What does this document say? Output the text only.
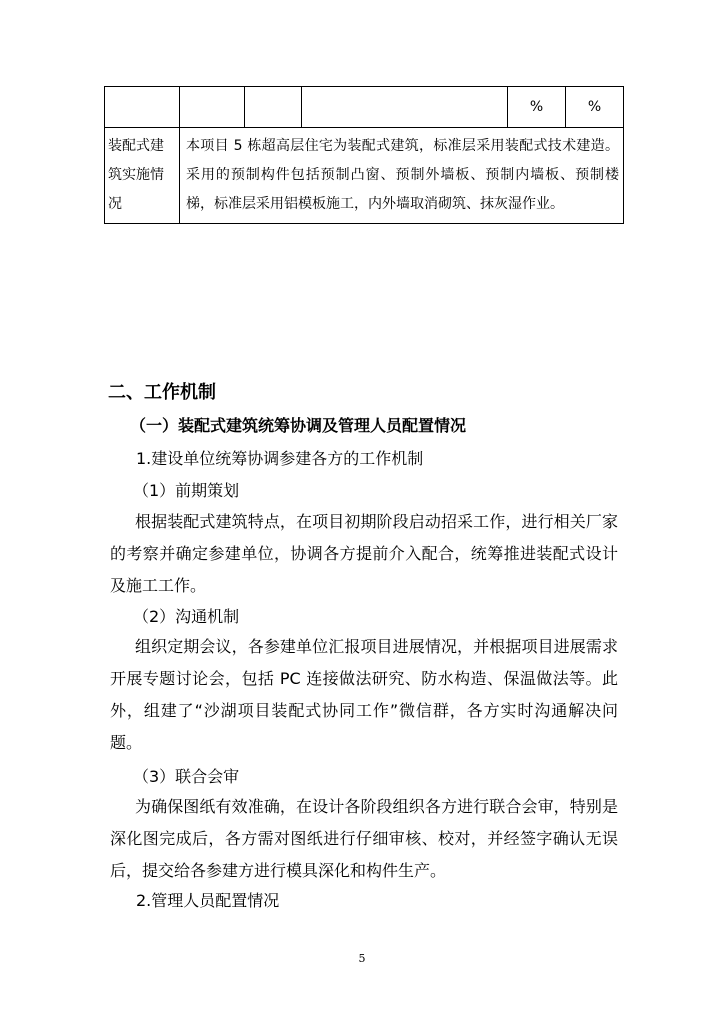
				%	%
装配式建筑实施情况	本项目 5 栋超高层住宅为装配式建筑，标准层采用装配式技术建造。采用的预制构件包括预制凸窗、预制外墙板、预制内墙板、预制楼梯，标准层采用铝模板施工，内外墙取消砌筑、抹灰湿作业。				
二、工作机制
（一）装配式建筑统筹协调及管理人员配置情况
1.建设单位统筹协调参建各方的工作机制
（1）前期策划
根据装配式建筑特点，在项目初期阶段启动招采工作，进行相关厂家的考察并确定参建单位，协调各方提前介入配合，统筹推进装配式设计及施工工作。
（2）沟通机制
组织定期会议，各参建单位汇报项目进展情况，并根据项目进展需求开展专题讨论会，包括 PC 连接做法研究、防水构造、保温做法等。此外，组建了“沙湖项目装配式协同工作”微信群，各方实时沟通解决问题。
（3）联合会审
为确保图纸有效准确，在设计各阶段组织各方进行联合会审，特别是深化图完成后，各方需对图纸进行仔细审核、校对，并经签字确认无误后，提交给各参建方进行模具深化和构件生产。
2.管理人员配置情况
5
